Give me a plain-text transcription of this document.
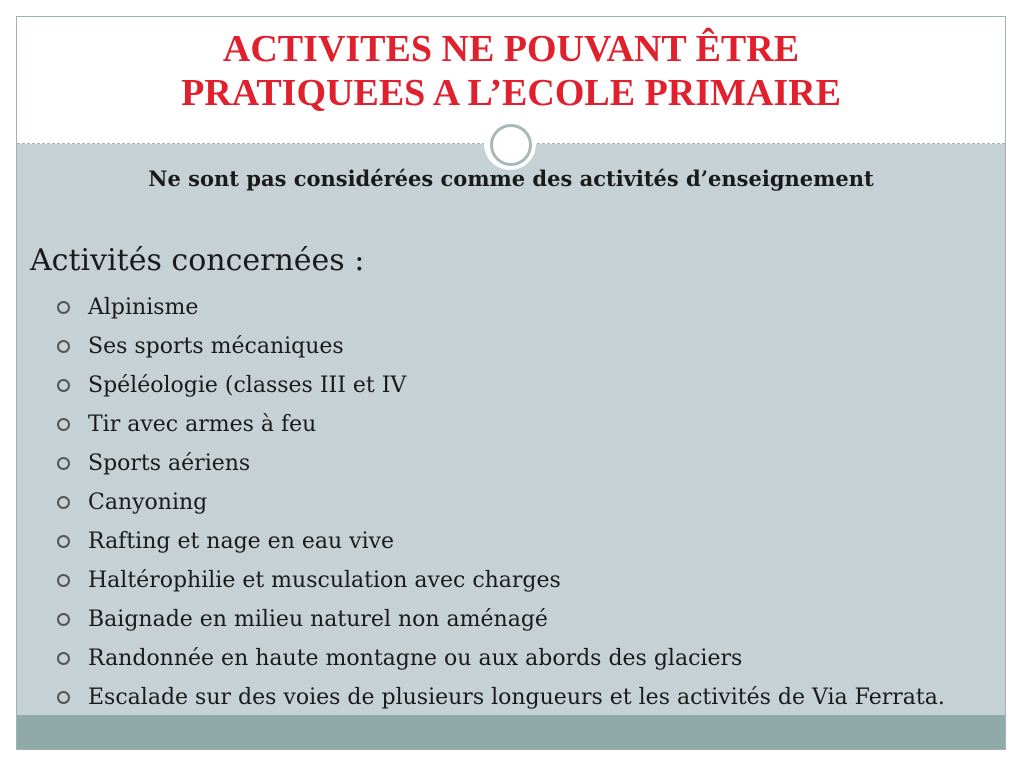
ACTIVITES NE POUVANT ÊTRE
PRATIQUEES A L’ECOLE PRIMAIRE
Ne sont pas considérées comme des activités d’enseignement
Activités concernées :
Alpinisme
Ses sports mécaniques
Spéléologie (classes III et IV
Tir avec armes à feu
Sports aériens
Canyoning
Rafting et nage en eau vive
Haltérophilie et musculation avec charges
Baignade en milieu naturel non aménagé
Randonnée en haute montagne ou aux abords des glaciers
Escalade sur des voies de plusieurs longueurs et les activités de Via Ferrata.
